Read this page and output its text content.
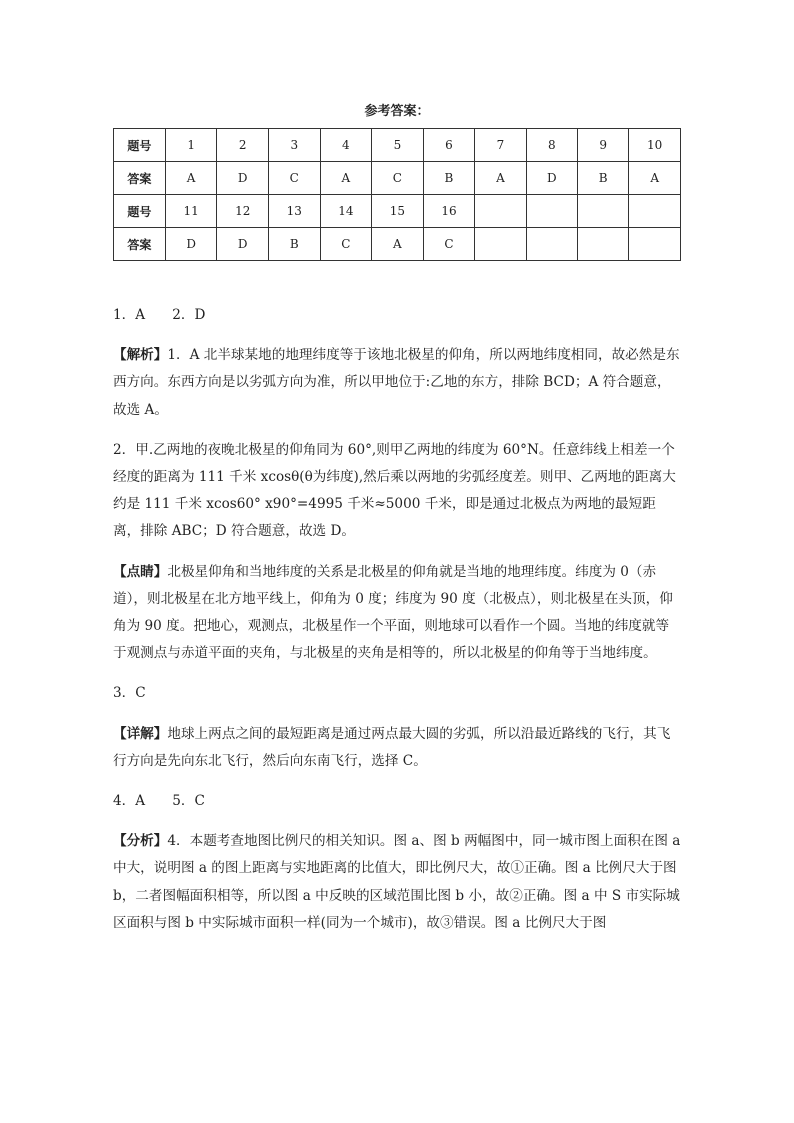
参考答案：
题号	1	2	3	4	5	6	7	8	9	10
答案	A	D	C	A	C	B	A	D	B	A
题号	11	12	13	14	15	16				
答案	D	D	B	C	A	C				

1．A　　2．D

【解析】1．A 北半球某地的地理纬度等于该地北极星的仰角，所以两地纬度相同，故必然是东西方向。东西方向是以劣弧方向为准，所以甲地位于:乙地的东方，排除 BCD；A 符合题意，故选 A。

2．甲.乙两地的夜晚北极星的仰角同为 60°,则甲乙两地的纬度为 60°N。任意纬线上相差一个经度的距离为 111 千米 xcosθ(θ为纬度),然后乘以两地的劣弧经度差。则甲、乙两地的距离大约是 111 千米 xcos60° x90°=4995 千米≈5000 千米，即是通过北极点为两地的最短距离，排除 ABC；D 符合题意，故选 D。

【点睛】北极星仰角和当地纬度的关系是北极星的仰角就是当地的地理纬度。纬度为 0（赤道），则北极星在北方地平线上，仰角为 0 度；纬度为 90 度（北极点），则北极星在头顶，仰角为 90 度。把地心，观测点，北极星作一个平面，则地球可以看作一个圆。当地的纬度就等于观测点与赤道平面的夹角，与北极星的夹角是相等的，所以北极星的仰角等于当地纬度。

3．C

【详解】地球上两点之间的最短距离是通过两点最大圆的劣弧，所以沿最近路线的飞行，其飞行方向是先向东北飞行，然后向东南飞行，选择 C。

4．A　　5．C

【分析】4．本题考查地图比例尺的相关知识。图 a、图 b 两幅图中，同一城市图上面积在图 a 中大，说明图 a 的图上距离与实地距离的比值大，即比例尺大，故①正确。图 a 比例尺大于图 b，二者图幅面积相等，所以图 a 中反映的区域范围比图 b 小，故②正确。图 a 中 S 市实际城区面积与图 b 中实际城市面积一样(同为一个城市)，故③错误。图 a 比例尺大于图
